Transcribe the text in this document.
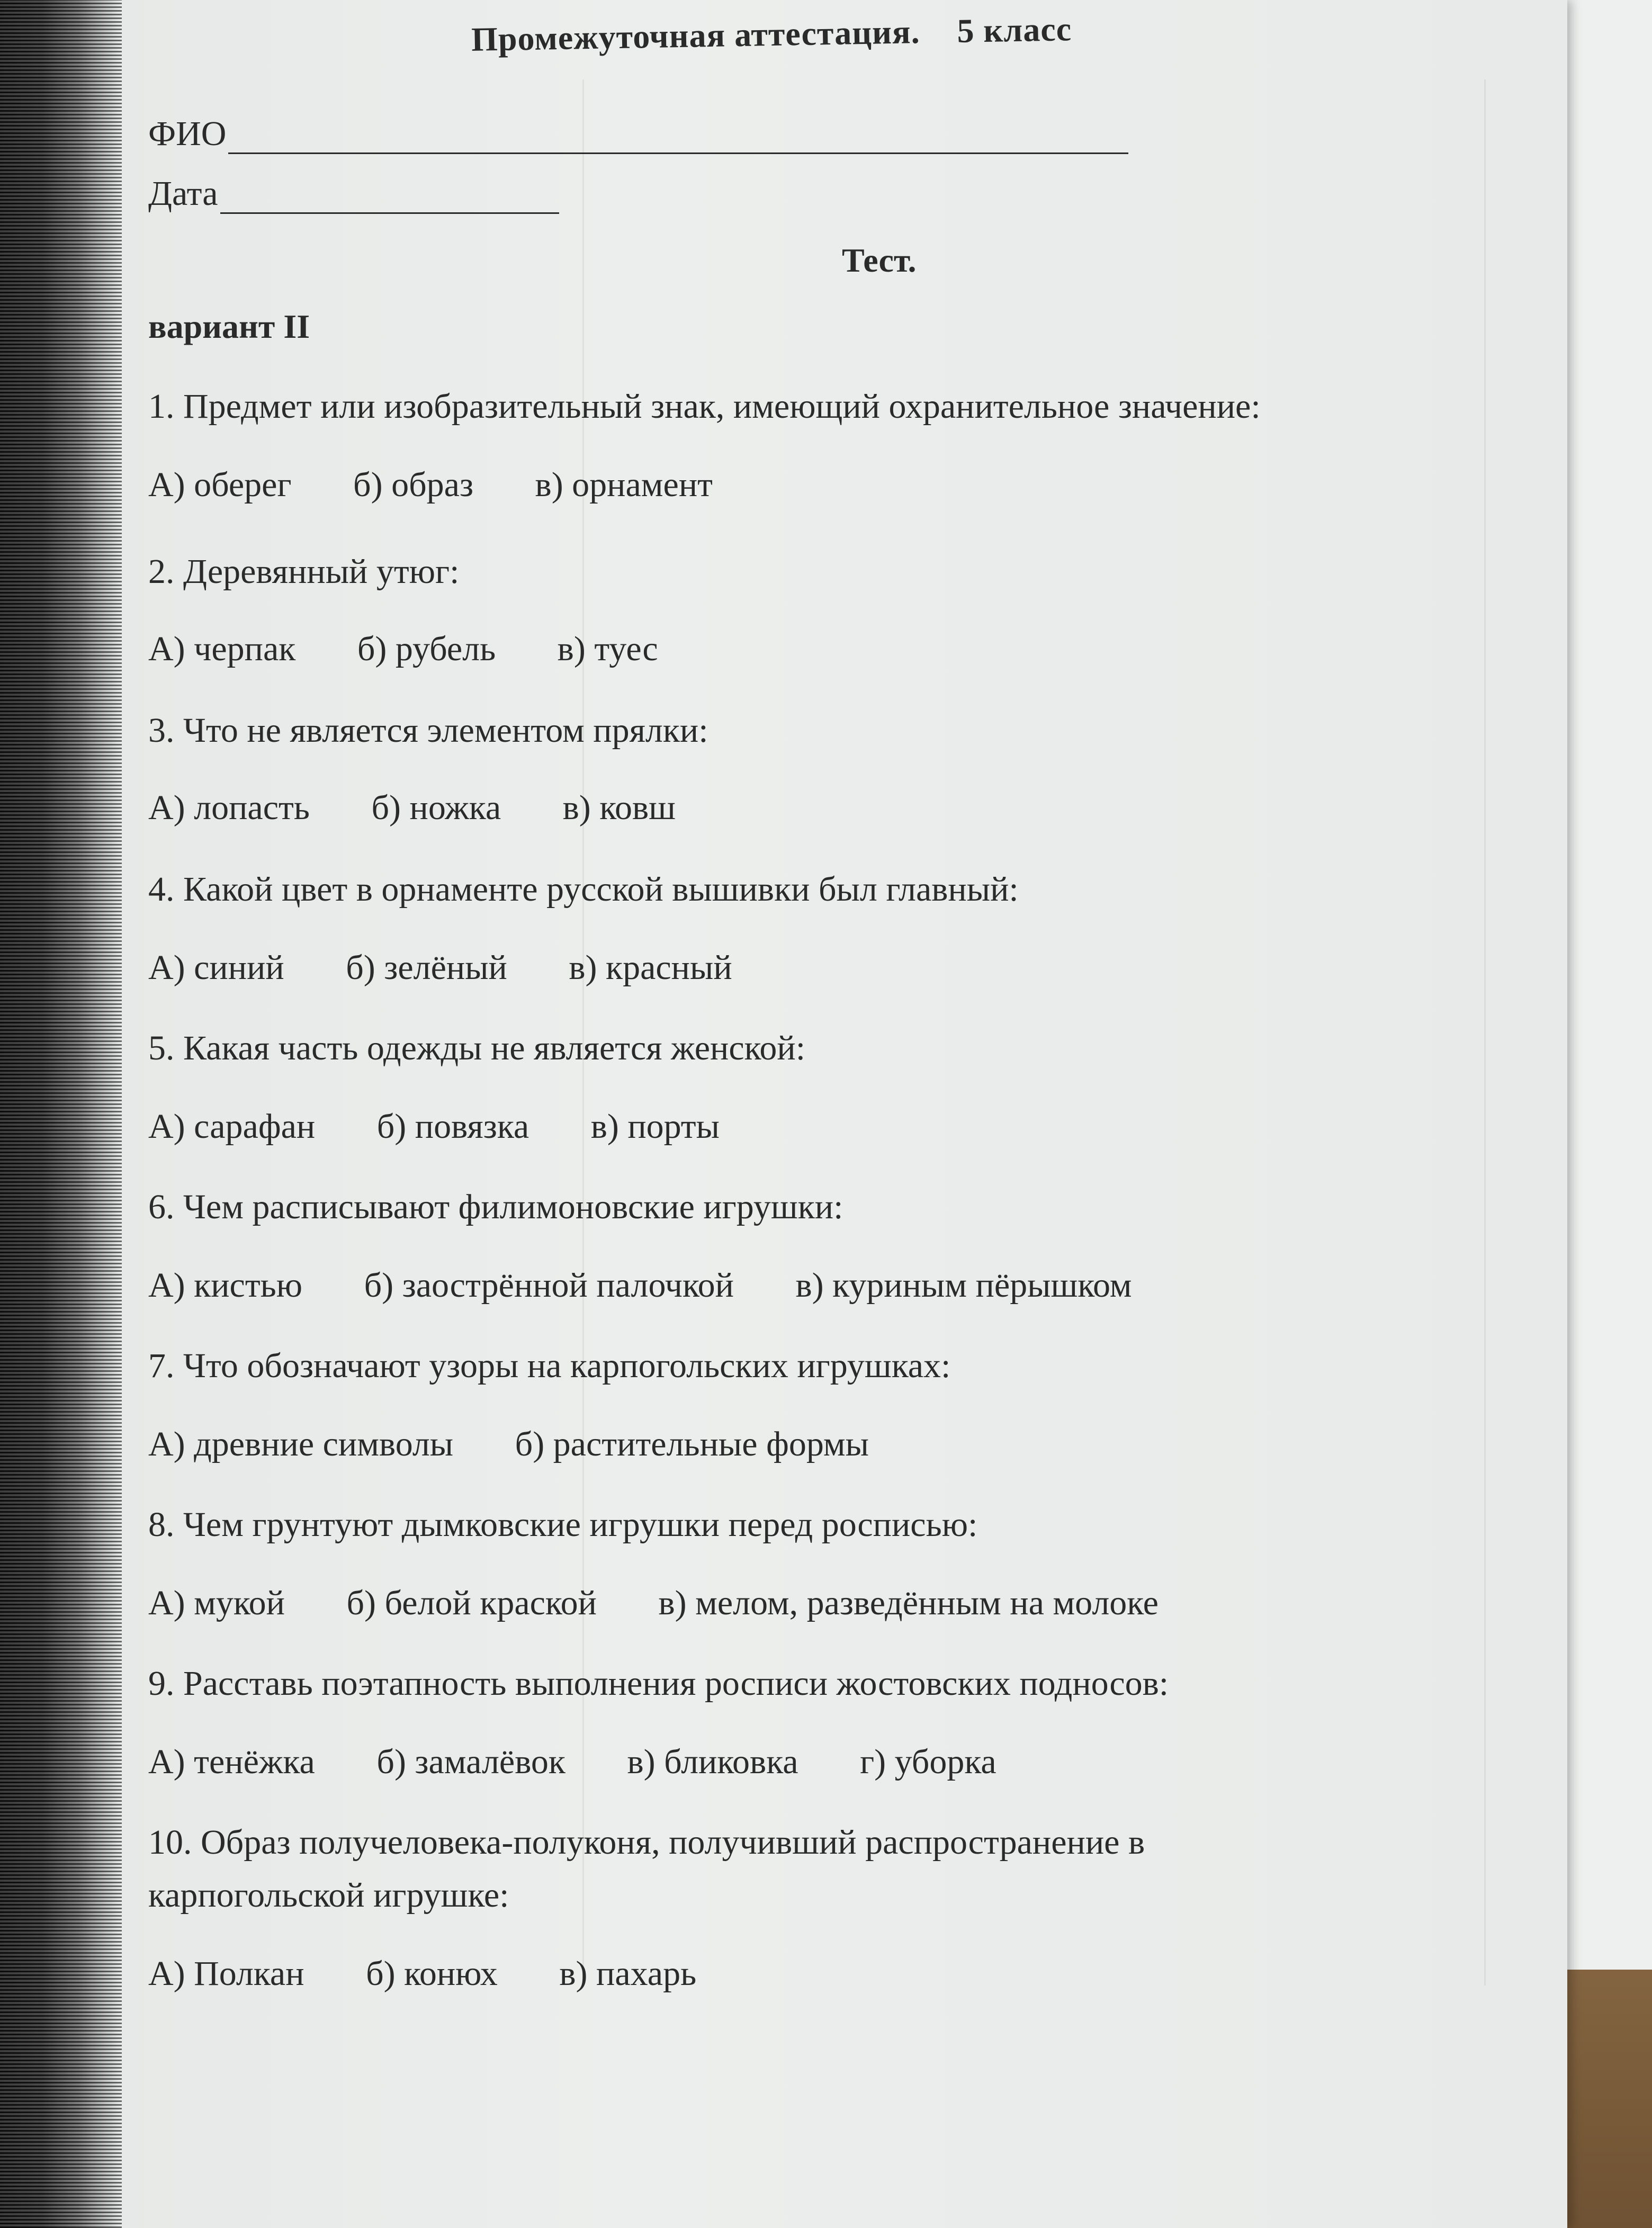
Промежуточная аттестация. 5 класс
ФИО
Дата
Тест.
вариант II
1. Предмет или изобразительный знак, имеющий охранительное значение:
А) оберег б) образ в) орнамент
2. Деревянный утюг:
А) черпак б) рубель в) туес
3. Что не является элементом прялки:
А) лопасть б) ножка в) ковш
4. Какой цвет в орнаменте русской вышивки был главный:
А) синий б) зелёный в) красный
5. Какая часть одежды не является женской:
А) сарафан б) повязка в) порты
6. Чем расписывают филимоновские игрушки:
А) кистью б) заострённой палочкой в) куриным пёрышком
7. Что обозначают узоры на карпогольских игрушках:
А) древние символы б) растительные формы
8. Чем грунтуют дымковские игрушки перед росписью:
А) мукой б) белой краской в) мелом, разведённым на молоке
9. Расставь поэтапность выполнения росписи жостовских подносов:
А) тенёжка б) замалёвок в) бликовка г) уборка
10. Образ получеловека-полуконя, получивший распространение в
карпогольской игрушке:
А) Полкан б) конюх в) пахарь
